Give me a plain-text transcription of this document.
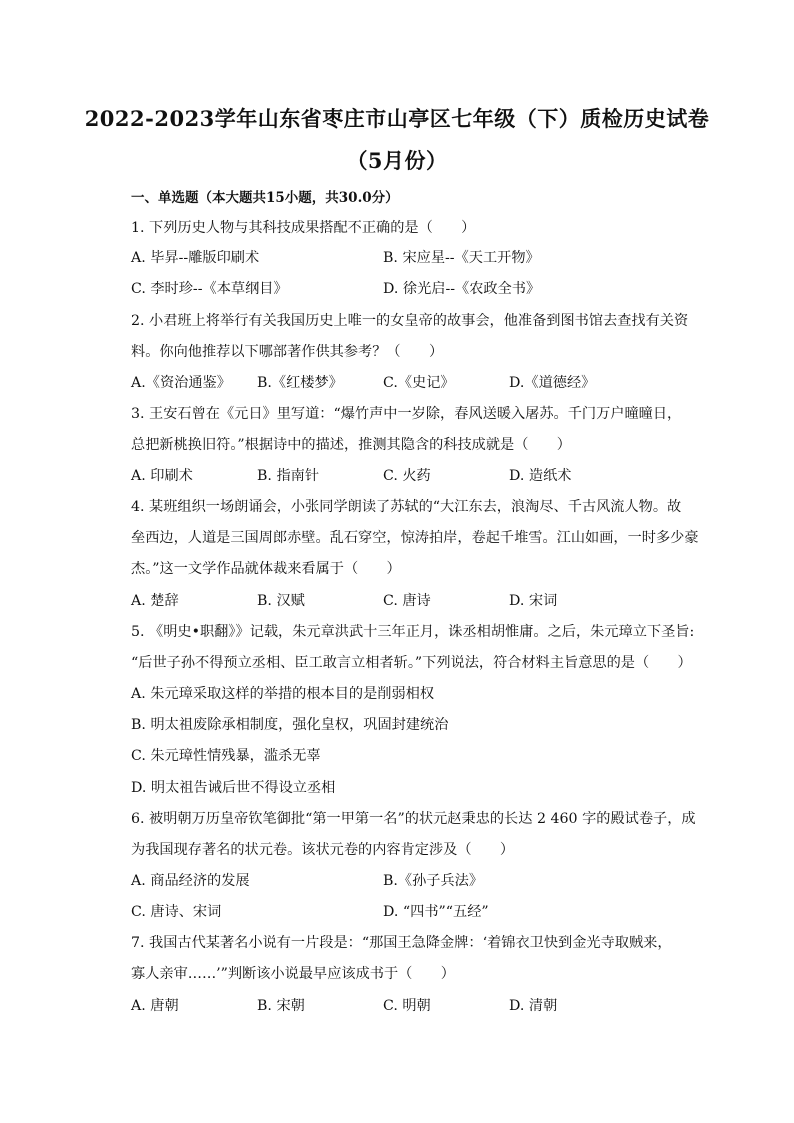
2022-2023学年山东省枣庄市山亭区七年级（下）质检历史试卷
（5月份）
一、单选题（本大题共15小题，共30.0分）
1. 下列历史人物与其科技成果搭配不正确的是（　　）
A. 毕昇--雕版印刷术	B. 宋应星--《天工开物》
C. 李时珍--《本草纲目》	D. 徐光启--《农政全书》
2. 小君班上将举行有关我国历史上唯一的女皇帝的故事会，他准备到图书馆去查找有关资
料。你向他推荐以下哪部著作供其参考？（　　）
A.《资治通鉴》 B.《红楼梦》	C.《史记》	D.《道德经》
3. 王安石曾在《元日》里写道：“爆竹声中一岁除，春风送暖入屠苏。千门万户曈曈日，
总把新桃换旧符。”根据诗中的描述，推测其隐含的科技成就是（　　）
A. 印刷术	B. 指南针	C. 火药	D. 造纸术
4. 某班组织一场朗诵会，小张同学朗读了苏轼的“大江东去，浪淘尽、千古风流人物。故
垒西边，人道是三国周郎赤壁。乱石穿空，惊涛拍岸，卷起千堆雪。江山如画，一时多少豪
杰。”这一文学作品就体裁来看属于（　　）
A. 楚辞	B. 汉赋	C. 唐诗	D. 宋词
5. 《明史•职翻》》记载，朱元章洪武十三年正月，诛丞相胡惟庸。之后，朱元璋立下圣旨:
“后世子孙不得预立丞相、臣工敢言立相者斩。”下列说法，符合材料主旨意思的是（　　）
A. 朱元璋采取这样的举措的根本目的是削弱相权
B. 明太祖废除承相制度，强化皇权，巩固封建统治
C. 朱元璋性情残暴，滥杀无辜
D. 明太祖告诫后世不得设立丞相
6. 被明朝万历皇帝钦笔御批“第一甲第一名”的状元赵秉忠的长达 2 460 字的殿试卷子，成
为我国现存著名的状元卷。该状元卷的内容肯定涉及（　　）
A. 商品经济的发展	B.《孙子兵法》
C. 唐诗、宋词	D. “四书”“五经”
7. 我国古代某著名小说有一片段是：“那国王急降金牌：‘着锦衣卫快到金光寺取贼来，
寡人亲审……’”判断该小说最早应该成书于（　　）
A. 唐朝	B. 宋朝	C. 明朝	D. 清朝
